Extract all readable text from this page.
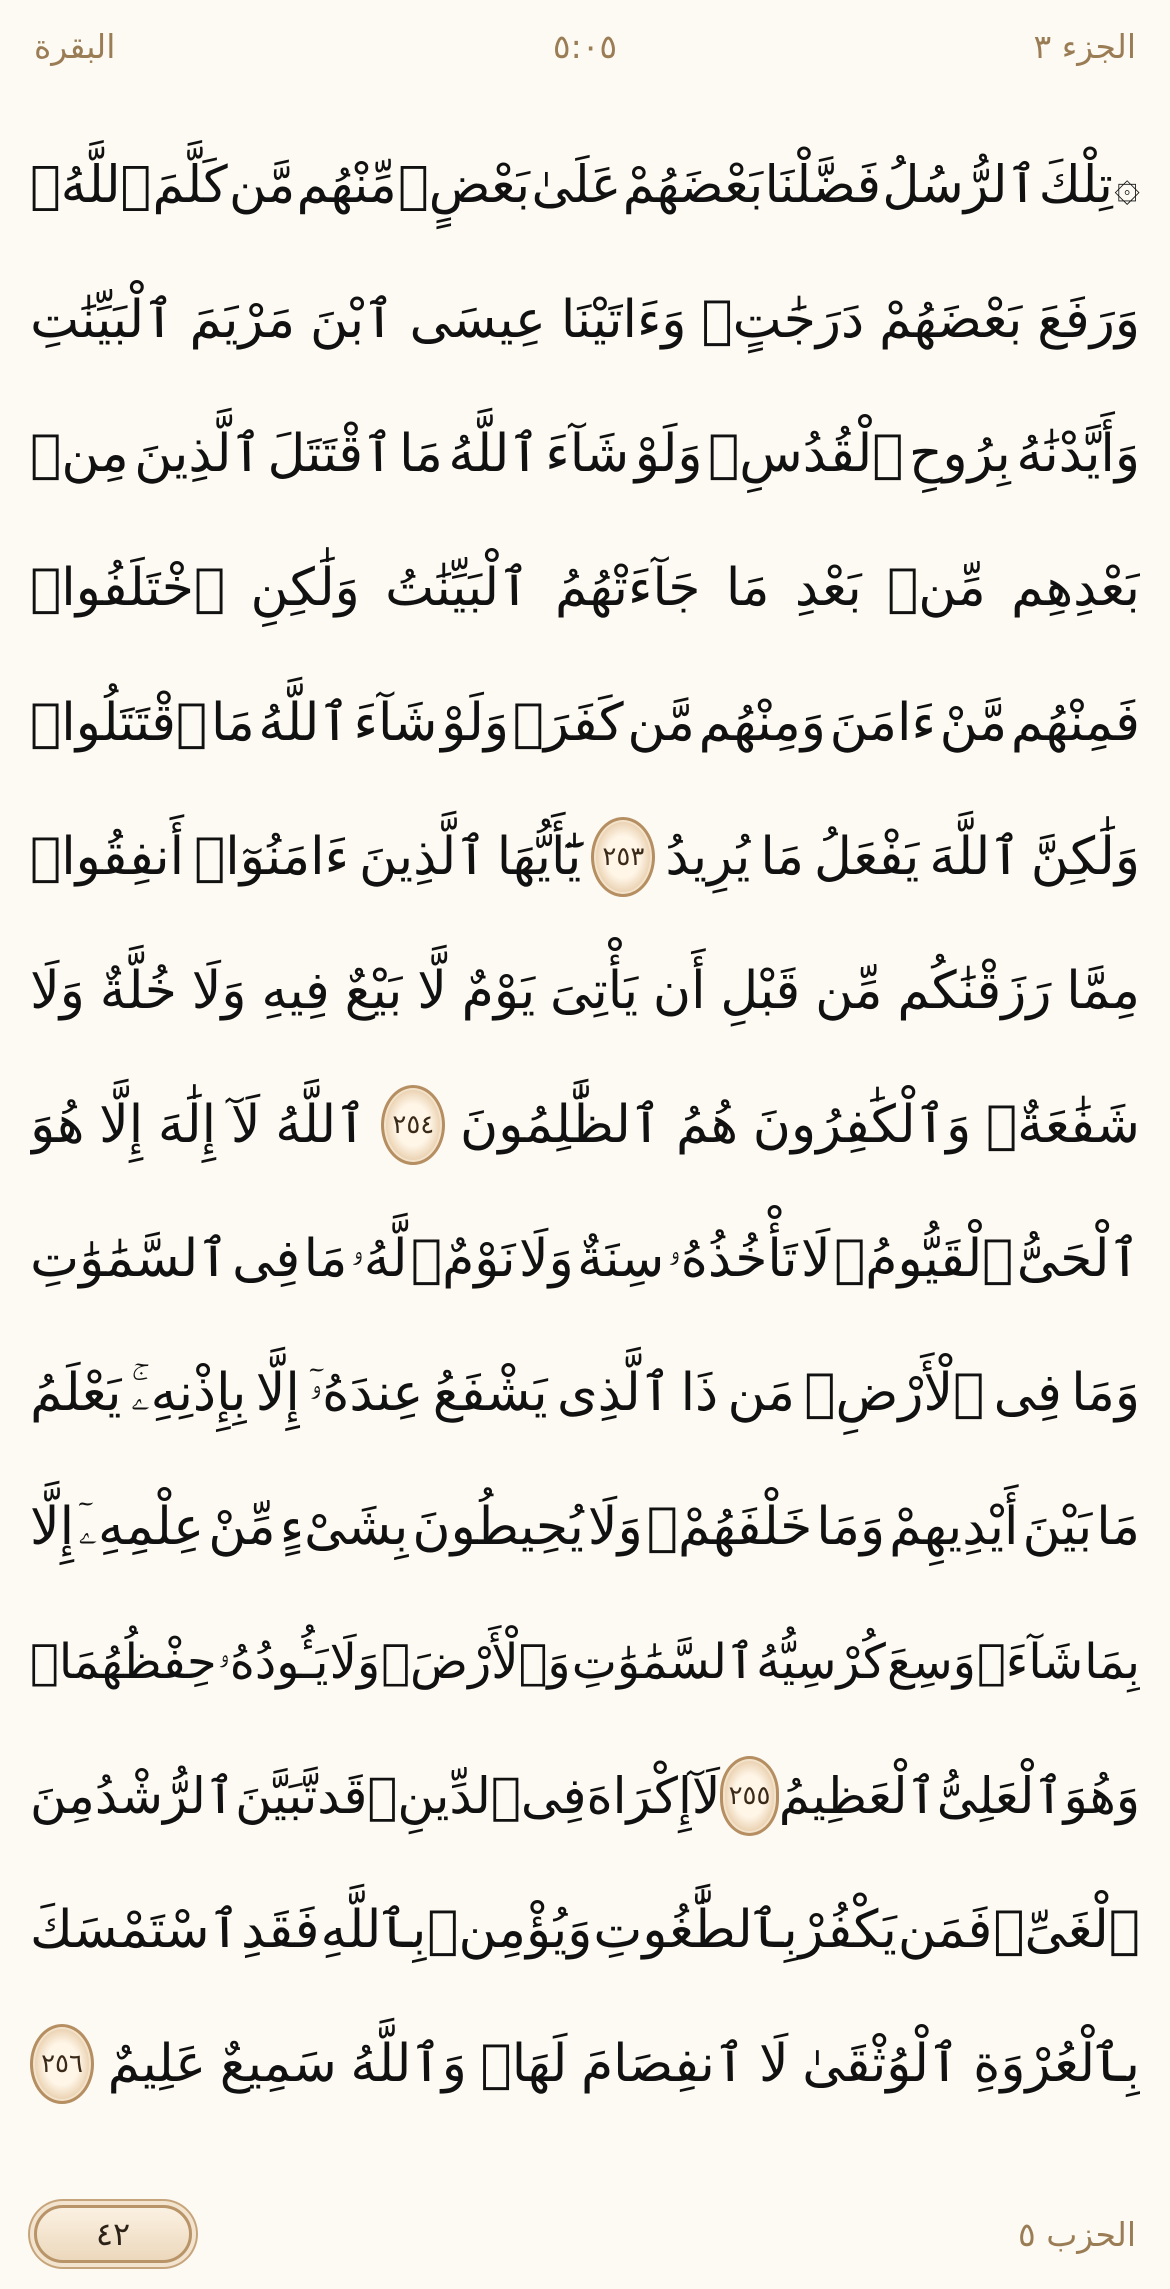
الجزء ٣
٥:٠٥
البقرة
۞
تِلْكَ
ٱلرُّسُلُ
فَضَّلْنَا
بَعْضَهُمْ
عَلَىٰ
بَعْضٍۘ
مِّنْهُم
مَّن
كَلَّمَ
ٱللَّهُۖ
وَرَفَعَ
بَعْضَهُمْ
دَرَجَٰتٍۚ
وَءَاتَيْنَا
عِيسَى
ٱبْنَ
مَرْيَمَ
ٱلْبَيِّنَٰتِ
وَأَيَّدْنَٰهُ
بِرُوحِ
ٱلْقُدُسِۗ
وَلَوْ
شَآءَ
ٱللَّهُ
مَا
ٱقْتَتَلَ
ٱلَّذِينَ
مِنۢ
بَعْدِهِم
مِّنۢ
بَعْدِ
مَا
جَآءَتْهُمُ
ٱلْبَيِّنَٰتُ
وَلَٰكِنِ
ٱخْتَلَفُوا۟
فَمِنْهُم
مَّنْ
ءَامَنَ
وَمِنْهُم
مَّن
كَفَرَۚ
وَلَوْ
شَآءَ
ٱللَّهُ
مَا
ٱقْتَتَلُوا۟
وَلَٰكِنَّ
ٱللَّهَ
يَفْعَلُ
مَا
يُرِيدُ
٢٥٣
يَٰٓأَيُّهَا
ٱلَّذِينَ
ءَامَنُوٓا۟
أَنفِقُوا۟
مِمَّا
رَزَقْنَٰكُم
مِّن
قَبْلِ
أَن
يَأْتِىَ
يَوْمٌ
لَّا
بَيْعٌ
فِيهِ
وَلَا
خُلَّةٌ
وَلَا
شَفَٰعَةٌۗ
وَٱلْكَٰفِرُونَ
هُمُ
ٱلظَّٰلِمُونَ
٢٥٤
ٱللَّهُ
لَآ
إِلَٰهَ
إِلَّا
هُوَ
ٱلْحَىُّ
ٱلْقَيُّومُۚ
لَا
تَأْخُذُهُۥ
سِنَةٌ
وَلَا
نَوْمٌۚ
لَّهُۥ
مَا
فِى
ٱلسَّمَٰوَٰتِ
وَمَا
فِى
ٱلْأَرْضِۗ
مَن
ذَا
ٱلَّذِى
يَشْفَعُ
عِندَهُۥٓ
إِلَّا
بِإِذْنِهِۦۚ
يَعْلَمُ
مَا
بَيْنَ
أَيْدِيهِمْ
وَمَا
خَلْفَهُمْۖ
وَلَا
يُحِيطُونَ
بِشَىْءٍ
مِّنْ
عِلْمِهِۦٓ
إِلَّا
بِمَا
شَآءَۚ
وَسِعَ
كُرْسِيُّهُ
ٱلسَّمَٰوَٰتِ
وَٱلْأَرْضَۖ
وَلَا
يَـُٔودُهُۥ
حِفْظُهُمَاۚ
وَهُوَ
ٱلْعَلِىُّ
ٱلْعَظِيمُ
٢٥٥
لَآ
إِكْرَاهَ
فِى
ٱلدِّينِۖ
قَد
تَّبَيَّنَ
ٱلرُّشْدُ
مِنَ
ٱلْغَىِّۚ
فَمَن
يَكْفُرْ
بِٱلطَّٰغُوتِ
وَيُؤْمِنۢ
بِٱللَّهِ
فَقَدِ
ٱسْتَمْسَكَ
بِٱلْعُرْوَةِ
ٱلْوُثْقَىٰ
لَا
ٱنفِصَامَ
لَهَاۗ
وَٱللَّهُ
سَمِيعٌ
عَلِيمٌ
٢٥٦
الحزب ٥
٤٢
